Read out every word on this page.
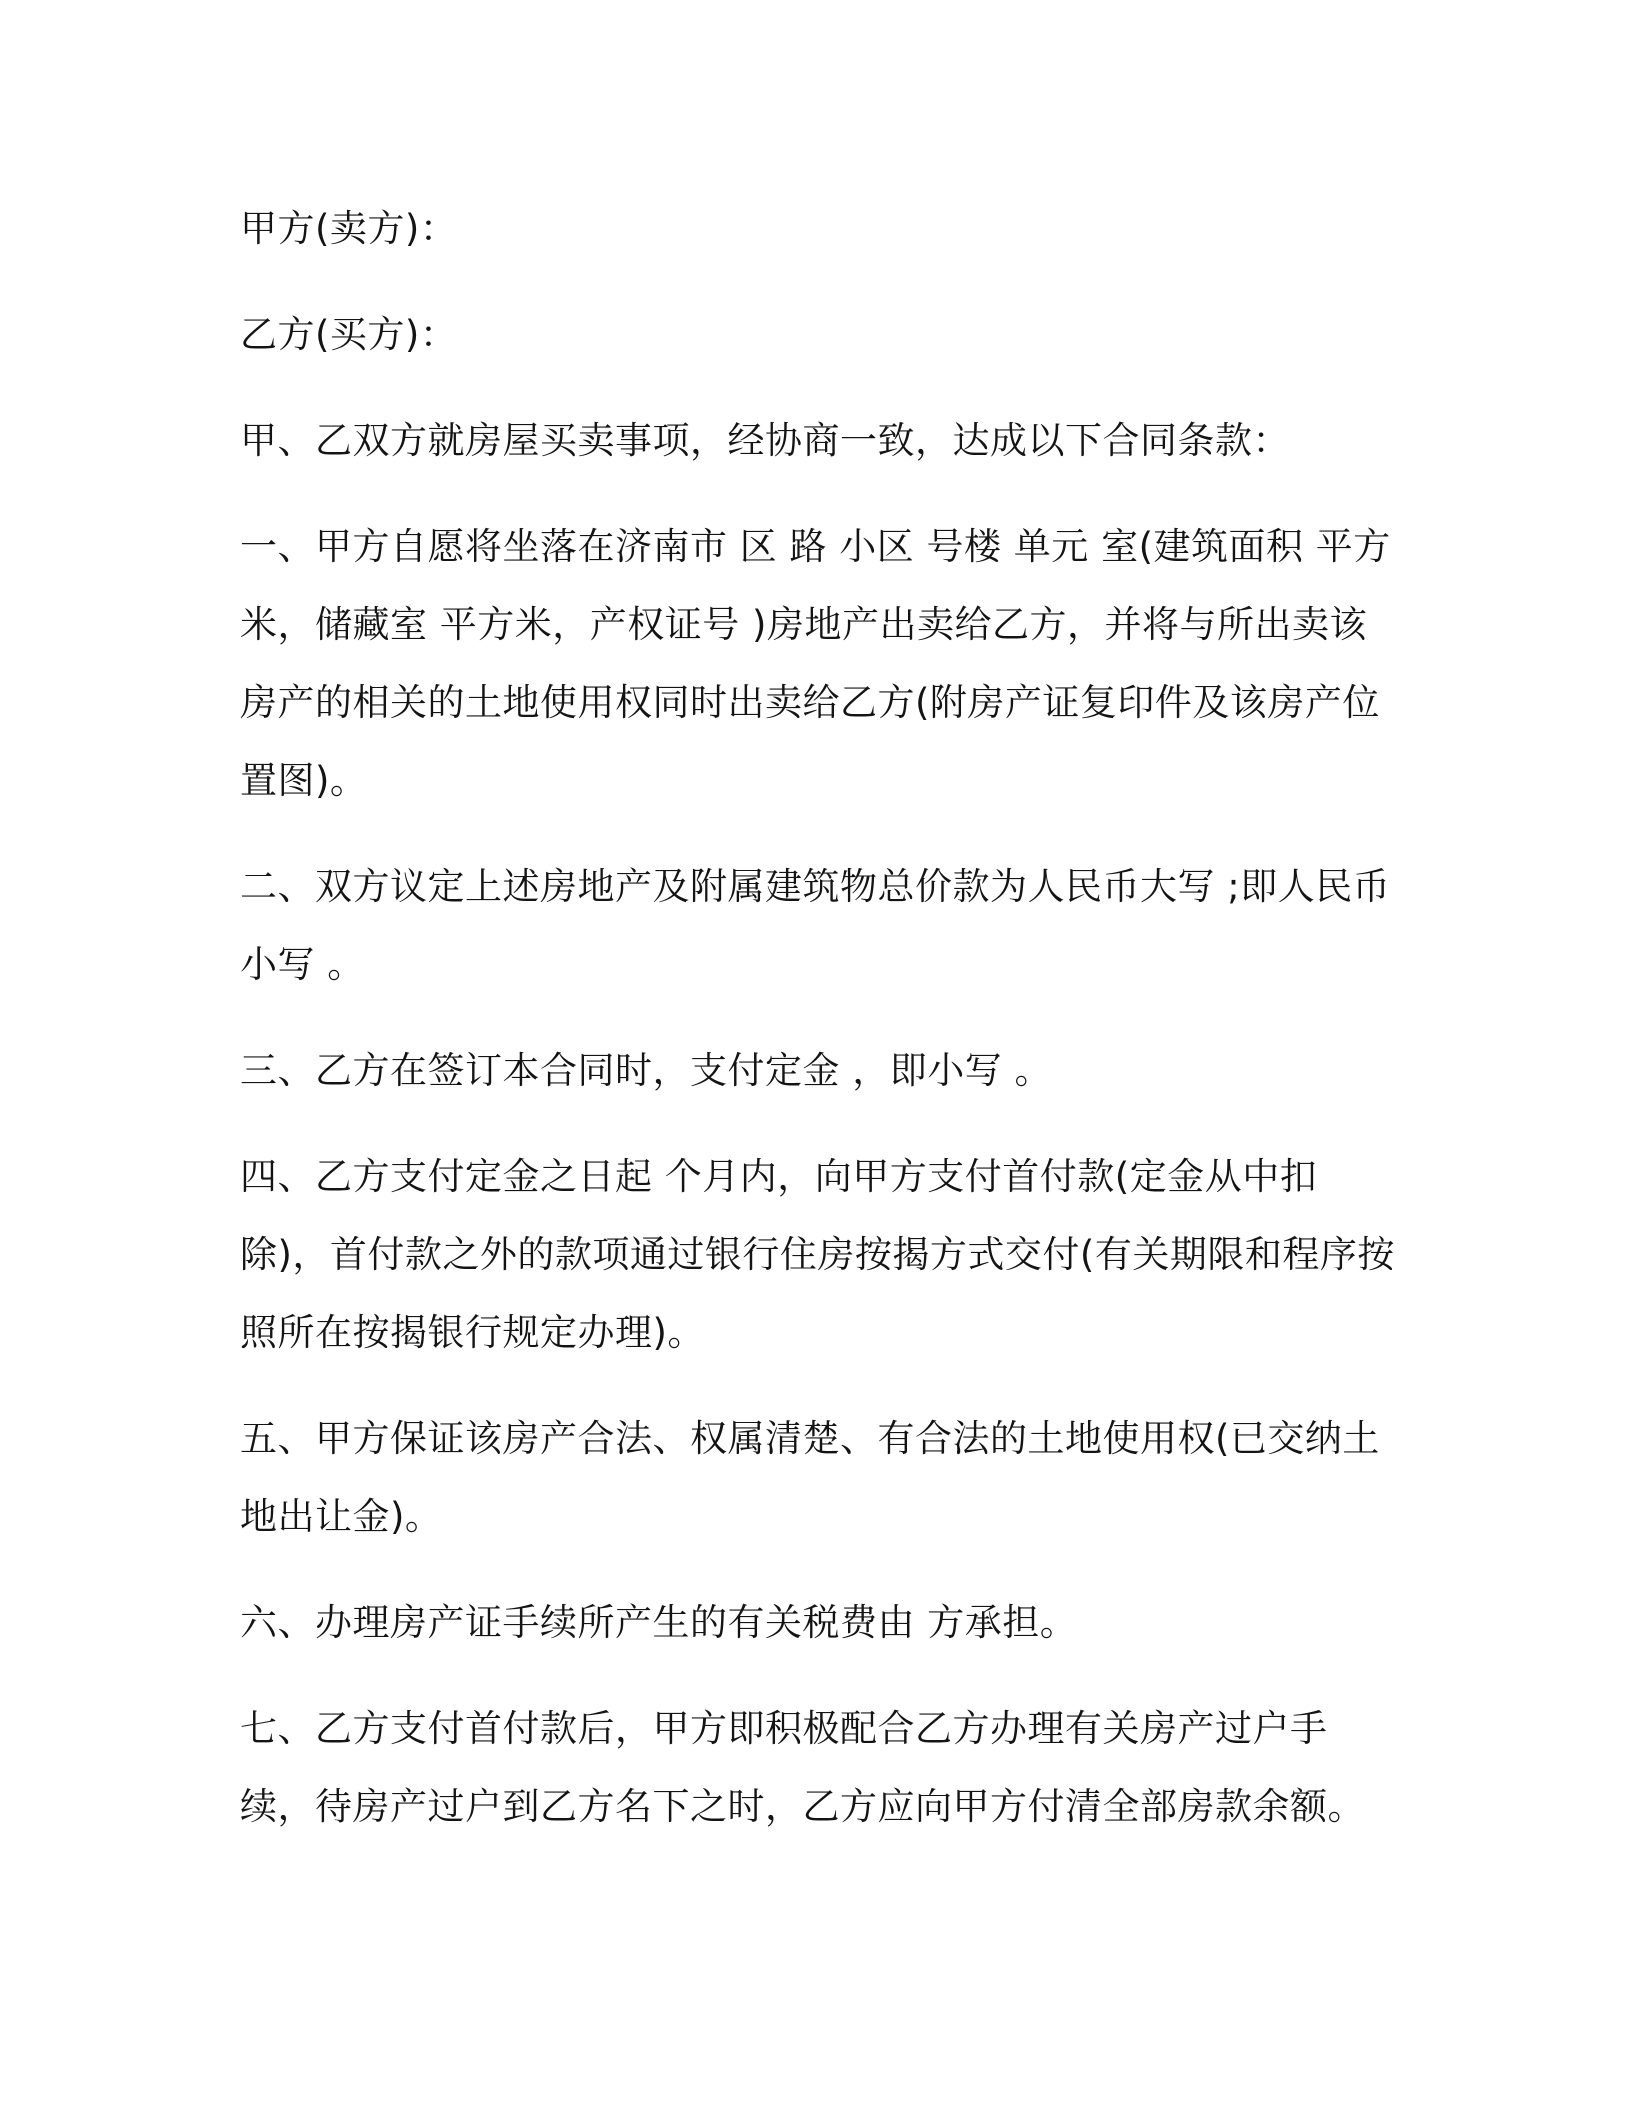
甲方(卖方)：

乙方(买方)：

甲、乙双方就房屋买卖事项，经协商一致，达成以下合同条款：

一、甲方自愿将坐落在济南市 区 路 小区 号楼 单元 室(建筑面积 平方米，储藏室 平方米，产权证号 )房地产出卖给乙方，并将与所出卖该房产的相关的土地使用权同时出卖给乙方(附房产证复印件及该房产位置图)。

二、双方议定上述房地产及附属建筑物总价款为人民币大写 ;即人民币小写 。

三、乙方在签订本合同时，支付定金 ，即小写 。

四、乙方支付定金之日起 个月内，向甲方支付首付款(定金从中扣除)，首付款之外的款项通过银行住房按揭方式交付(有关期限和程序按照所在按揭银行规定办理)。

五、甲方保证该房产合法、权属清楚、有合法的土地使用权(已交纳土地出让金)。

六、办理房产证手续所产生的有关税费由 方承担。

七、乙方支付首付款后，甲方即积极配合乙方办理有关房产过户手续，待房产过户到乙方名下之时，乙方应向甲方付清全部房款余额。
